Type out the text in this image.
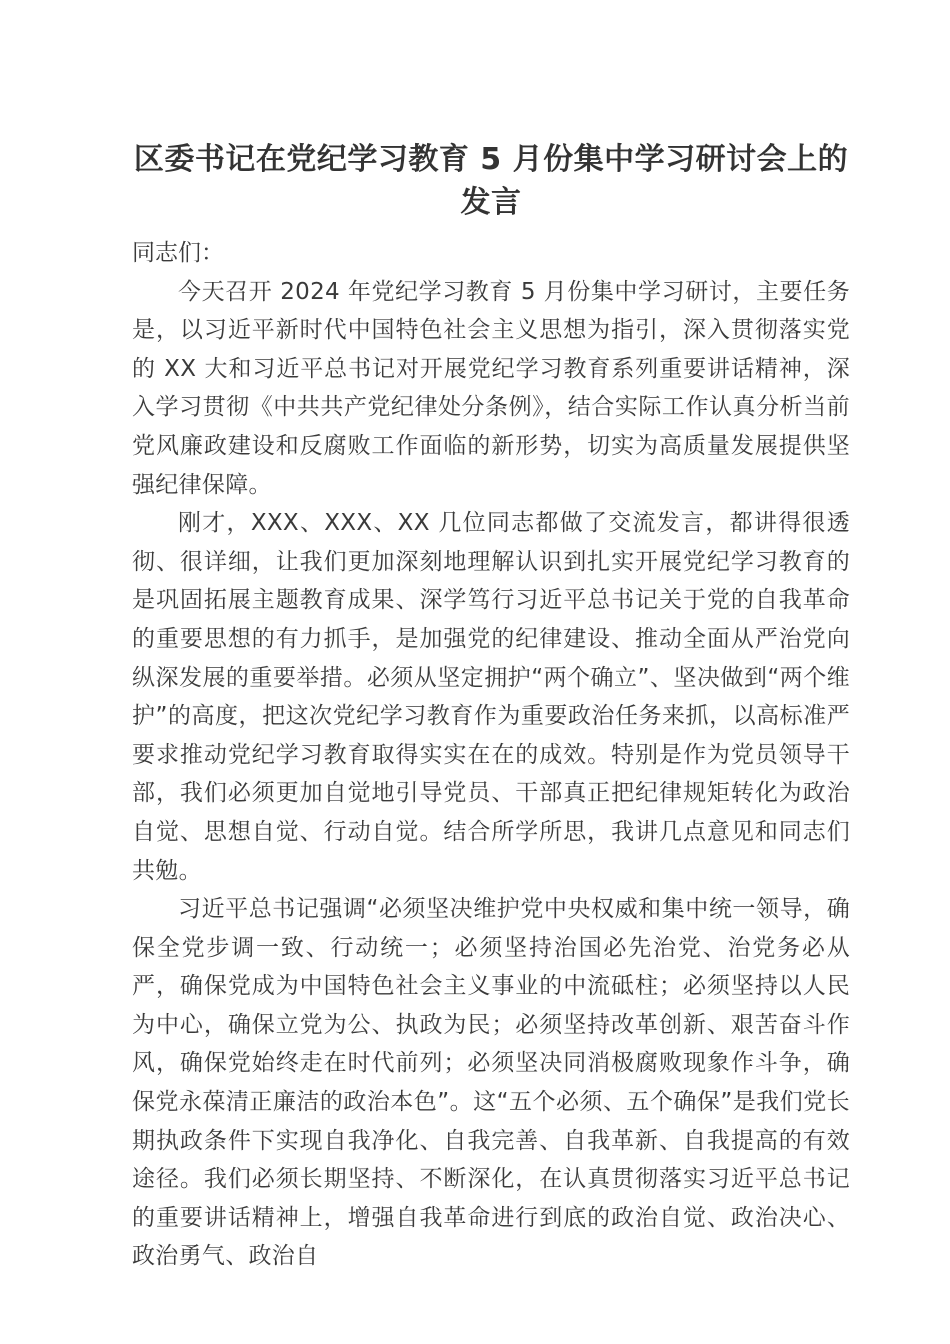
区委书记在党纪学习教育 5 月份集中学习研讨会上的发言

同志们：

今天召开 2024 年党纪学习教育 5 月份集中学习研讨，主要任务是，以习近平新时代中国特色社会主义思想为指引，深入贯彻落实党的 XX 大和习近平总书记对开展党纪学习教育系列重要讲话精神，深入学习贯彻《中共共产党纪律处分条例》，结合实际工作认真分析当前党风廉政建设和反腐败工作面临的新形势，切实为高质量发展提供坚强纪律保障。

刚才，XXX、XXX、XX 几位同志都做了交流发言，都讲得很透彻、很详细，让我们更加深刻地理解认识到扎实开展党纪学习教育的是巩固拓展主题教育成果、深学笃行习近平总书记关于党的自我革命的重要思想的有力抓手，是加强党的纪律建设、推动全面从严治党向纵深发展的重要举措。必须从坚定拥护“两个确立”、坚决做到“两个维护”的高度，把这次党纪学习教育作为重要政治任务来抓，以高标准严要求推动党纪学习教育取得实实在在的成效。特别是作为党员领导干部，我们必须更加自觉地引导党员、干部真正把纪律规矩转化为政治自觉、思想自觉、行动自觉。结合所学所思，我讲几点意见和同志们共勉。

习近平总书记强调“必须坚决维护党中央权威和集中统一领导，确保全党步调一致、行动统一；必须坚持治国必先治党、治党务必从严，确保党成为中国特色社会主义事业的中流砥柱；必须坚持以人民为中心，确保立党为公、执政为民；必须坚持改革创新、艰苦奋斗作风，确保党始终走在时代前列；必须坚决同消极腐败现象作斗争，确保党永葆清正廉洁的政治本色”。这“五个必须、五个确保”是我们党长期执政条件下实现自我净化、自我完善、自我革新、自我提高的有效途径。我们必须长期坚持、不断深化，在认真贯彻落实习近平总书记的重要讲话精神上，增强自我革命进行到底的政治自觉、政治决心、政治勇气、政治自
